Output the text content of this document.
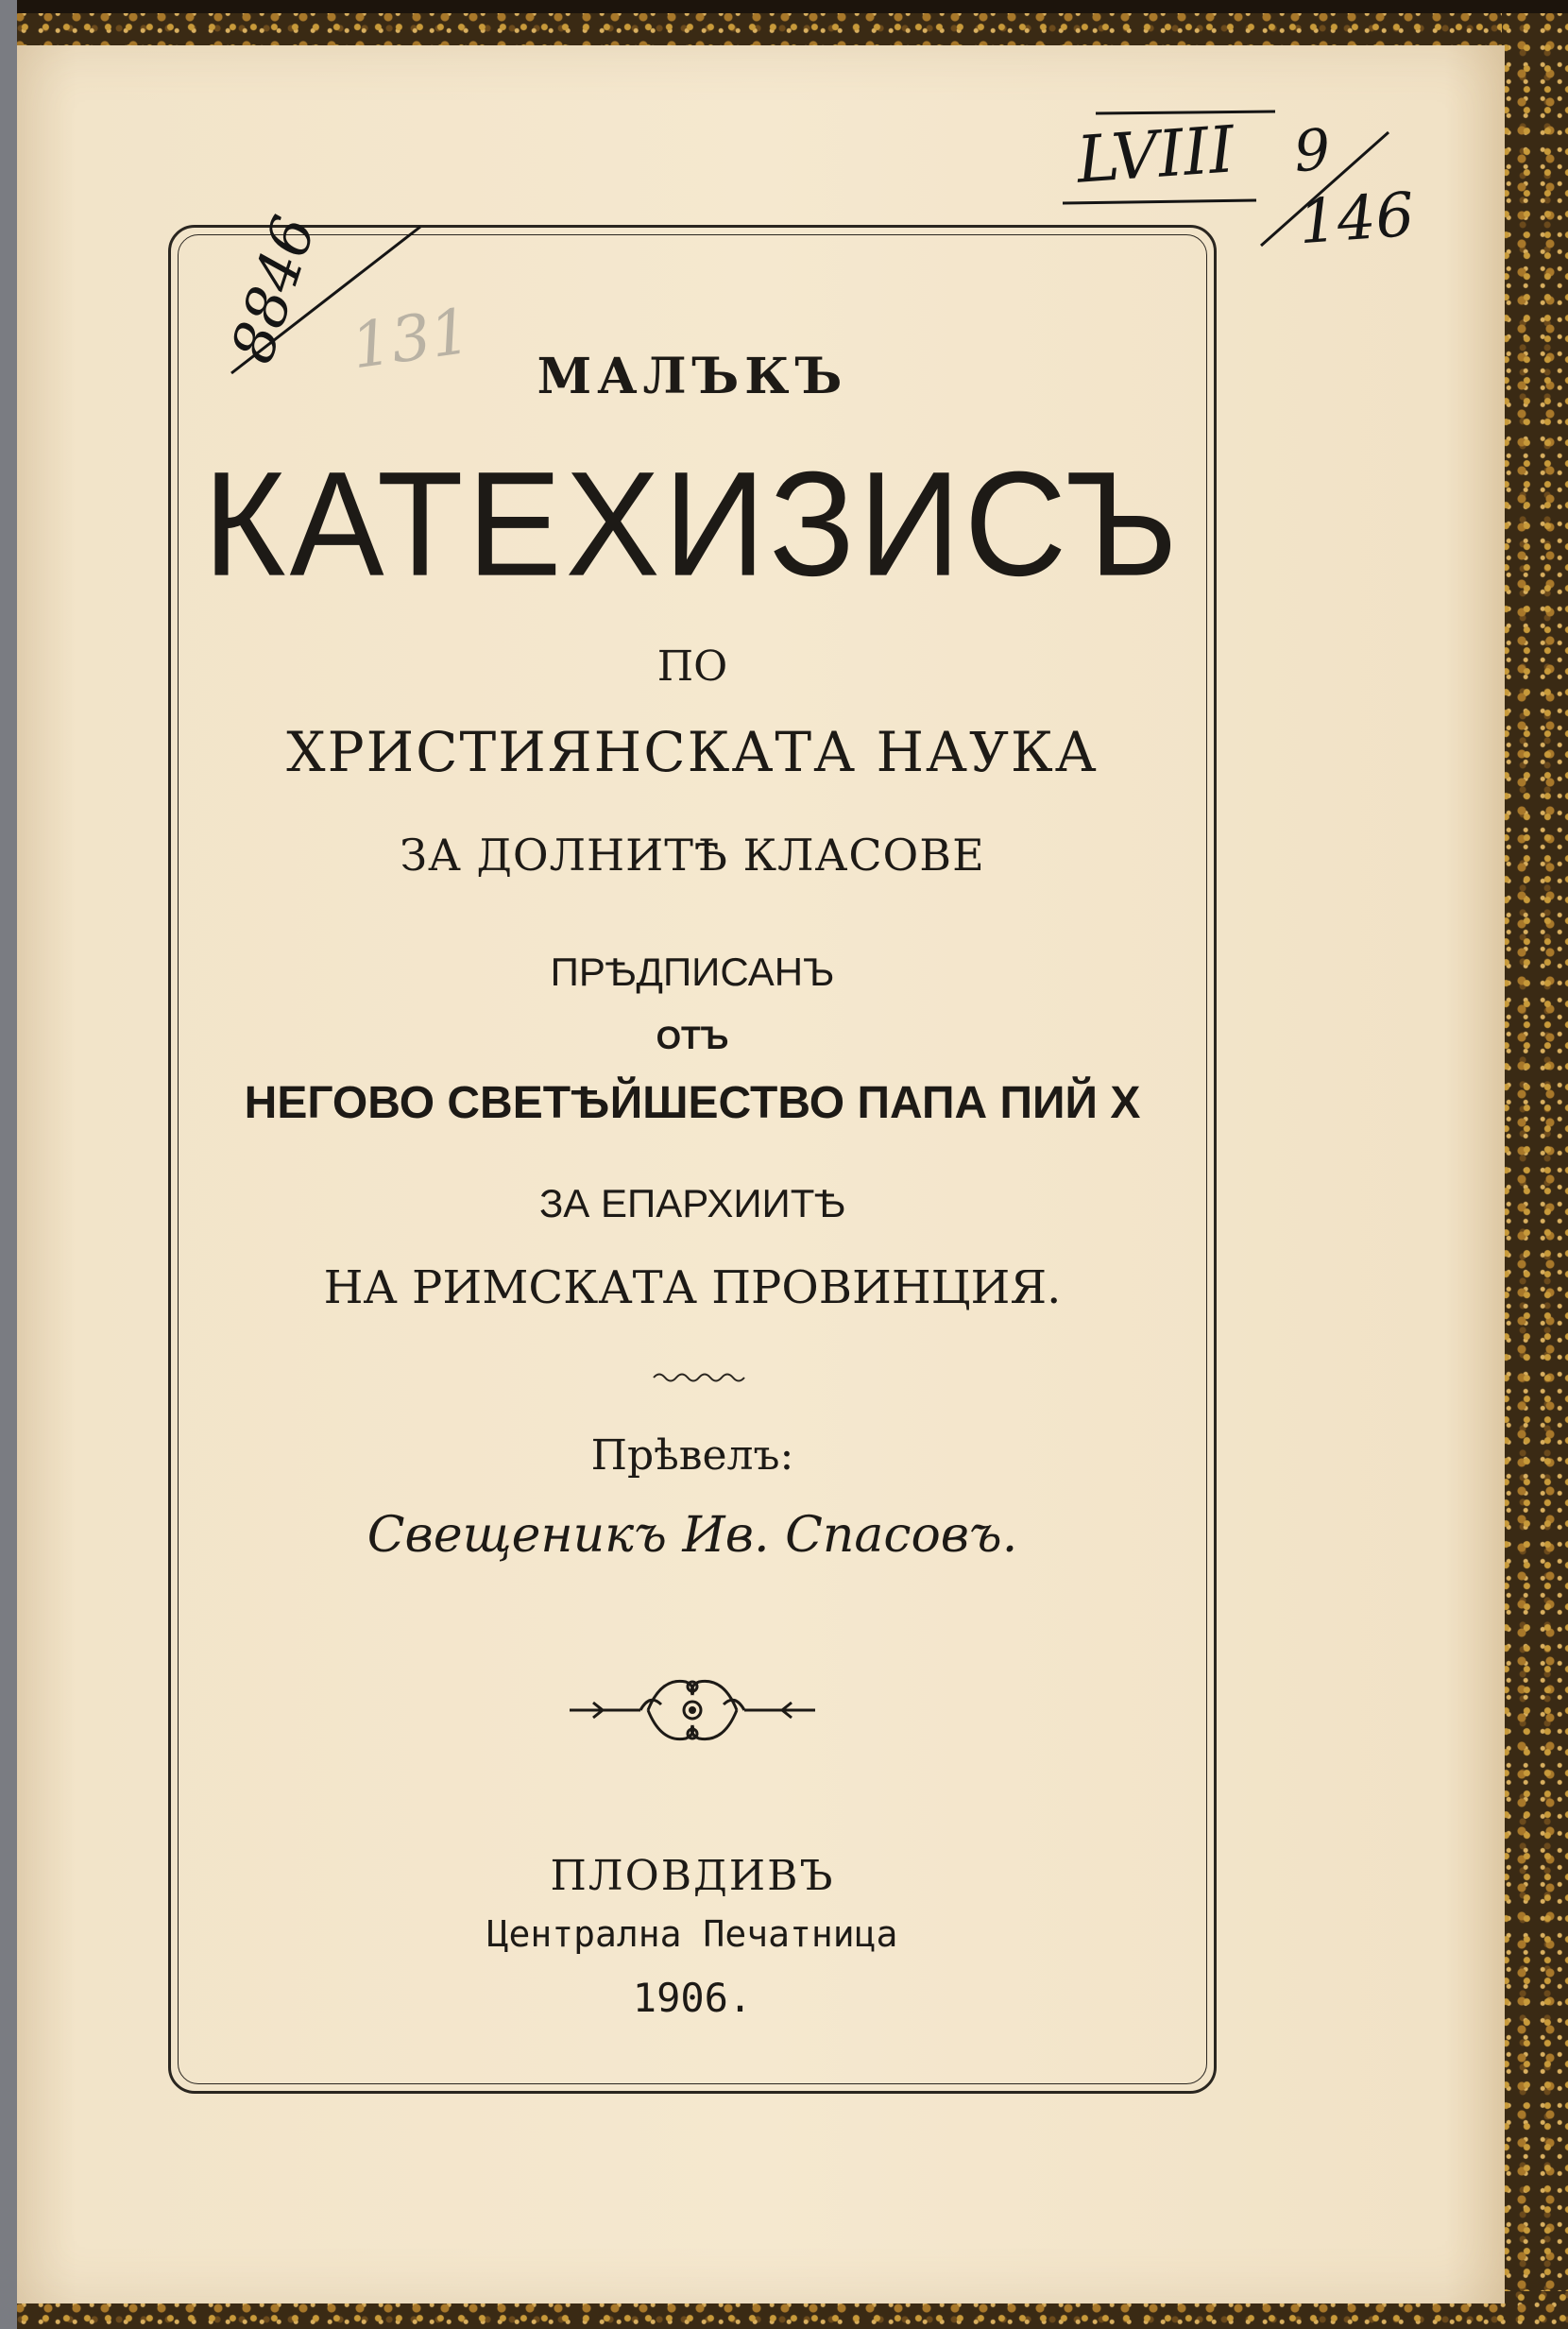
МАЛЪКЪ
КАТЕХИЗИСЪ
ПО
ХРИСТИЯНСКАТА НАУКА
ЗА ДОЛНИТѢ КЛАСОВЕ
ПРѢДПИСАНЪ
ОТЪ
НЕГОВО СВЕТѢЙШЕСТВО ПАПА ПИЙ X
ЗА ЕПАРХИИТѢ
НА РИМСКАТА ПРОВИНЦИЯ.
Прѣвелъ:
Свещеникъ Ив. Спасовъ.
ПЛОВДИВЪ
Централна Печатница
1906.
8846 131
LVIII 9
146
